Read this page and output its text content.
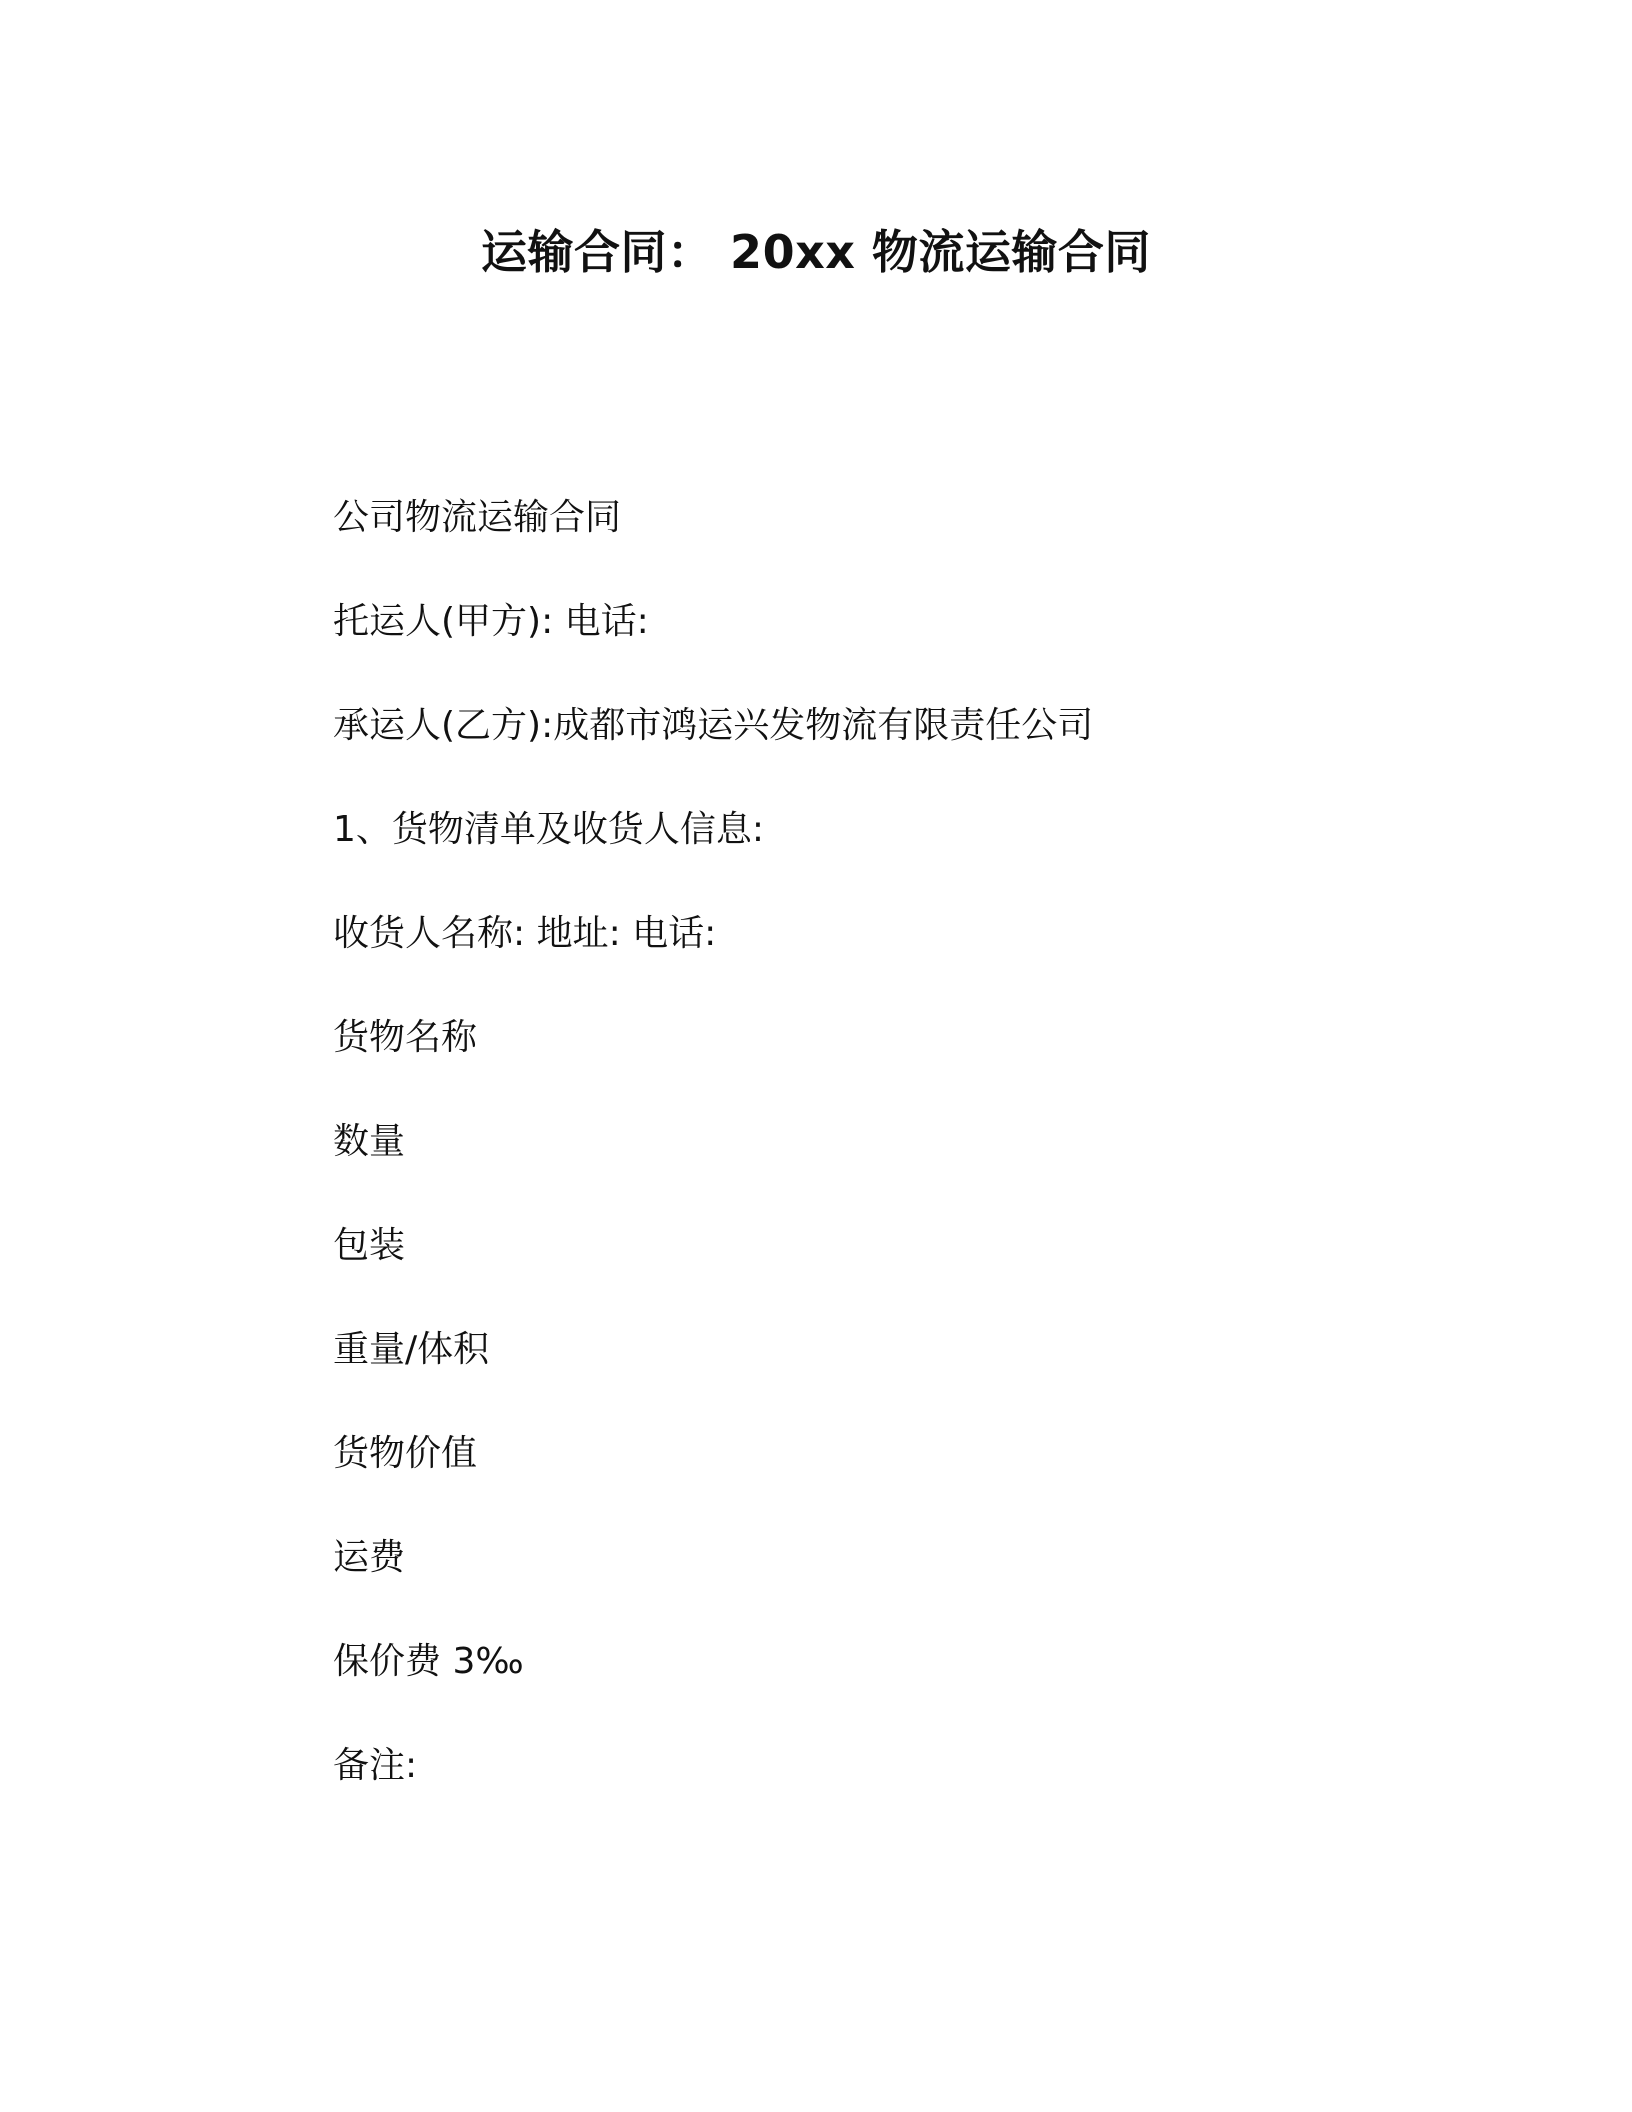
运输合同： 20xx 物流运输合同

公司物流运输合同

托运人(甲方): 电话:

承运人(乙方):成都市鸿运兴发物流有限责任公司

1、货物清单及收货人信息:

收货人名称: 地址: 电话:

货物名称

数量

包装

重量/体积

货物价值

运费

保价费 3‰

备注:
